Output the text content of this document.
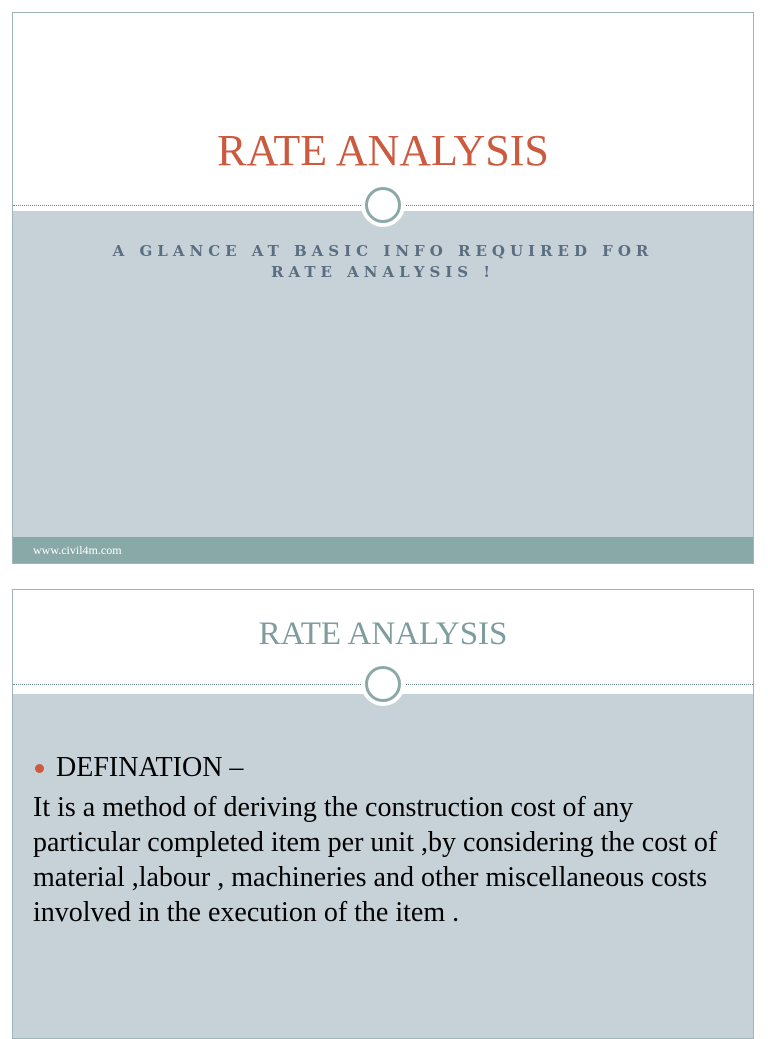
RATE ANALYSIS
A GLANCE AT BASIC INFO REQUIRED FOR
RATE ANALYSIS !
www.civil4m.com
RATE ANALYSIS
DEFINATION –

It is a method of deriving the construction cost of any particular completed item per unit ,by considering the cost of material ,labour , machineries and other miscellaneous costs involved in the execution of the item .
